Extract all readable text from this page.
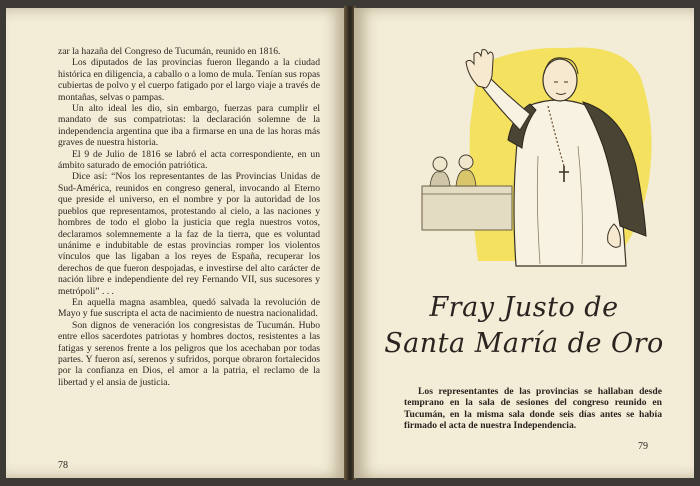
zar la hazaña del Congreso de Tucumán, reunido en 1816.

Los diputados de las provincias fueron llegando a la ciudad histórica en diligencia, a caballo o a lomo de mula. Tenían sus ropas cubiertas de polvo y el cuerpo fatigado por el largo viaje a través de montañas, selvas o pampas.

Un alto ideal les dio, sin embargo, fuerzas para cumplir el mandato de sus compatriotas: la declaración solemne de la independencia argentina que iba a firmarse en una de las horas más graves de nuestra historia.

El 9 de Julio de 1816 se labró el acta correspondiente, en un ámbito saturado de emoción patriótica.

Dice así: “Nos los representantes de las Provincias Unidas de Sud-América, reunidos en congreso general, invocando al Eterno que preside el universo, en el nombre y por la autoridad de los pueblos que representamos, protestando al cielo, a las naciones y hombres de todo el globo la justicia que regla nuestros votos, declaramos solemnemente a la faz de la tierra, que es voluntad unánime e indubitable de estas provincias romper los violentos vínculos que las ligaban a los reyes de España, recuperar los derechos de que fueron despojadas, e investirse del alto carácter de nación libre e independiente del rey Fernando VII, sus sucesores y metrópoli” . . .

En aquella magna asamblea, quedó salvada la revolución de Mayo y fue suscripta el acta de nacimiento de nuestra nacionalidad.

Son dignos de veneración los congresistas de Tucumán. Hubo entre ellos sacerdotes patriotas y hombres doctos, resistentes a las fatigas y serenos frente a los peligros que los acechaban por todas partes. Y fueron así, serenos y sufridos, porque obraron fortalecidos por la confianza en Dios, el amor a la patria, el reclamo de la libertad y el ansia de justicia.

78
Fray Justo de
Santa María de Oro

Los representantes de las provincias se hallaban desde temprano en la sala de sesiones del congreso reunido en Tucumán, en la misma sala donde seis días antes se había firmado el acta de nuestra Independencia.

79
